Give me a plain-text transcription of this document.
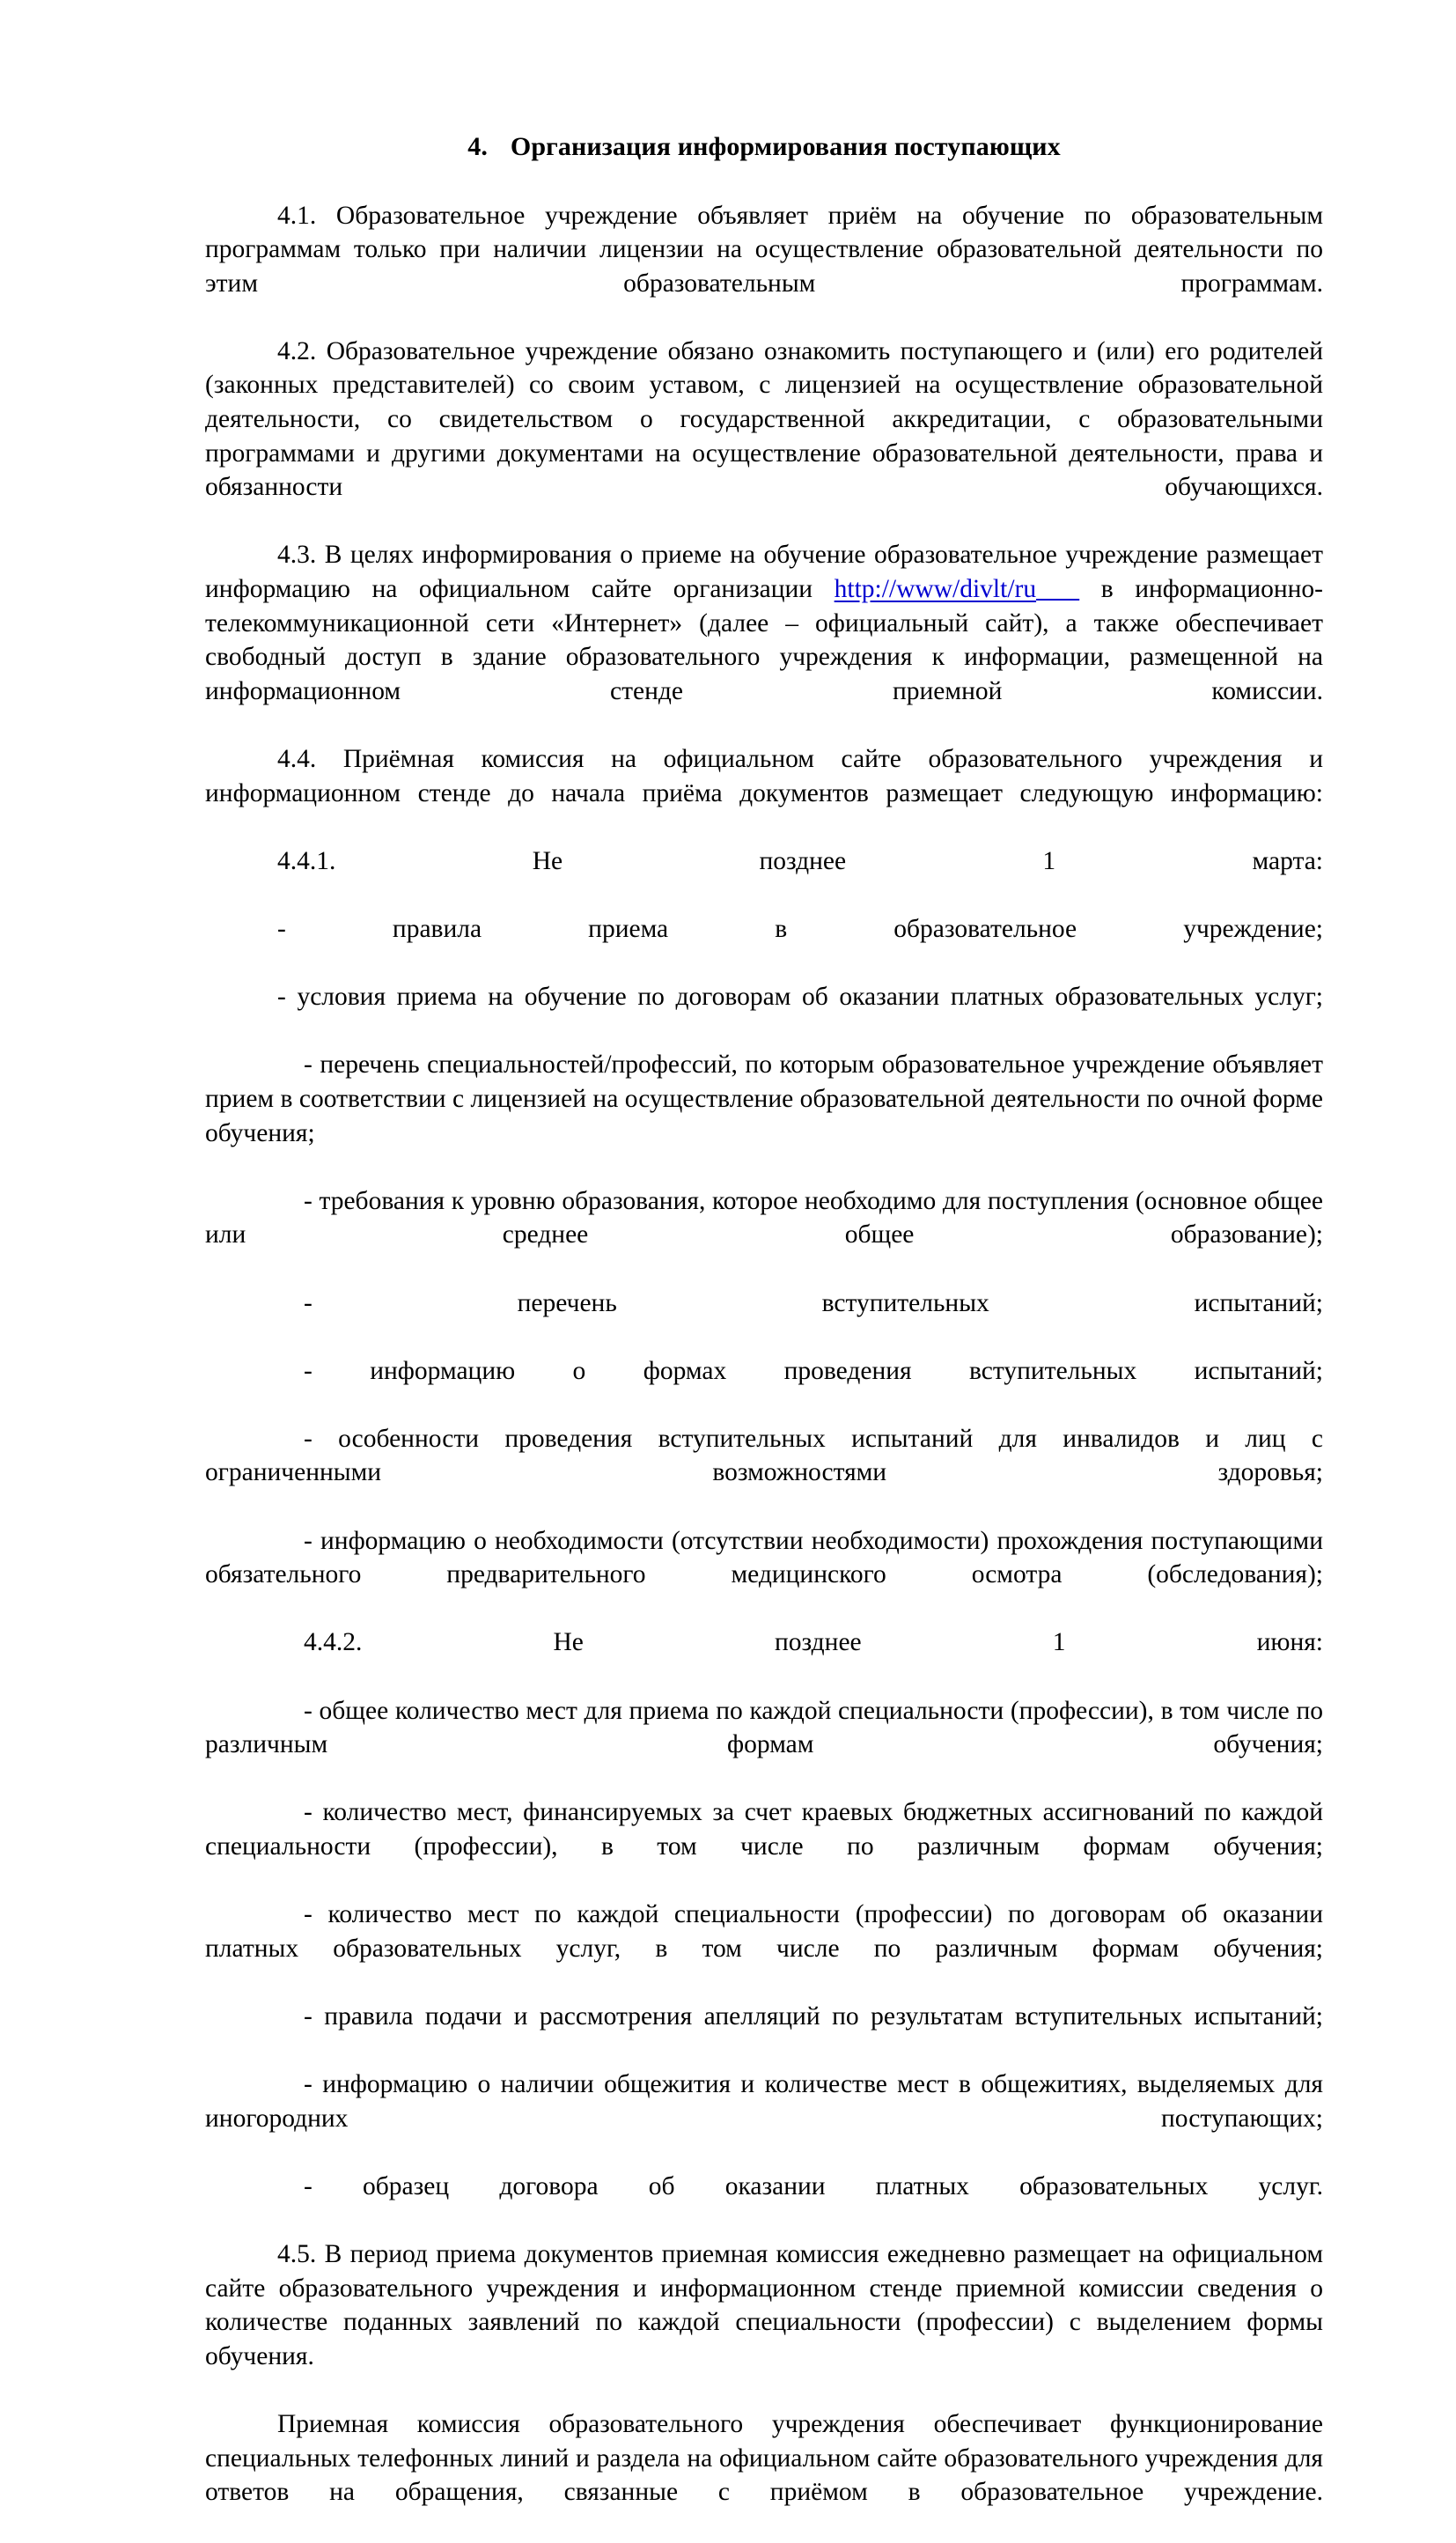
4. Организация информирования поступающих

4.1. Образовательное учреждение объявляет приём на обучение по образовательным программам только при наличии лицензии на осуществление образовательной деятельности по этим образовательным программам.

4.2. Образовательное учреждение обязано ознакомить поступающего и (или) его родителей (законных представителей) со своим уставом, с лицензией на осуществление образовательной деятельности, со свидетельством о государственной аккредитации, с образовательными программами и другими документами на осуществление образовательной деятельности, права и обязанности обучающихся.

4.3. В целях информирования о приеме на обучение образовательное учреждение размещает информацию на официальном сайте организации http://www/divlt/ru   в информационно-телекоммуникационной сети «Интернет» (далее – официальный сайт), а также обеспечивает свободный доступ в здание образовательного учреждения к информации, размещенной на информационном стенде приемной комиссии.

4.4. Приёмная комиссия на официальном сайте образовательного учреждения и информационном стенде до начала приёма документов размещает следующую информацию:

4.4.1. Не позднее 1 марта:

- правила приема в образовательное учреждение;

- условия приема на обучение по договорам об оказании платных образовательных услуг;

- перечень специальностей/профессий, по которым образовательное учреждение объявляет прием в соответствии с лицензией на осуществление образовательной деятельности по очной форме обучения;

- требования к уровню образования, которое необходимо для поступления (основное общее или среднее общее образование);

- перечень вступительных испытаний;

- информацию о формах проведения вступительных испытаний;

- особенности проведения вступительных испытаний для инвалидов и лиц с ограниченными возможностями здоровья;

- информацию о необходимости (отсутствии необходимости) прохождения поступающими обязательного предварительного медицинского осмотра (обследования);

4.4.2. Не позднее 1 июня:

- общее количество мест для приема по каждой специальности (профессии), в том числе по различным формам обучения;

- количество мест, финансируемых за счет краевых бюджетных ассигнований по каждой специальности (профессии), в том числе по различным формам обучения;

- количество мест по каждой специальности (профессии) по договорам об оказании платных образовательных услуг, в том числе по различным формам обучения;

- правила подачи и рассмотрения апелляций по результатам вступительных испытаний;

- информацию о наличии общежития и количестве мест в общежитиях, выделяемых для иногородних поступающих;

- образец договора об оказании платных образовательных услуг.

4.5. В период приема документов приемная комиссия ежедневно размещает на официальном сайте образовательного учреждения и информационном стенде приемной комиссии сведения о количестве поданных заявлений по каждой специальности (профессии) с выделением формы обучения.

Приемная комиссия образовательного учреждения обеспечивает функционирование специальных телефонных линий и раздела на официальном сайте образовательного учреждения для ответов на обращения, связанные с приёмом в образовательное учреждение.
